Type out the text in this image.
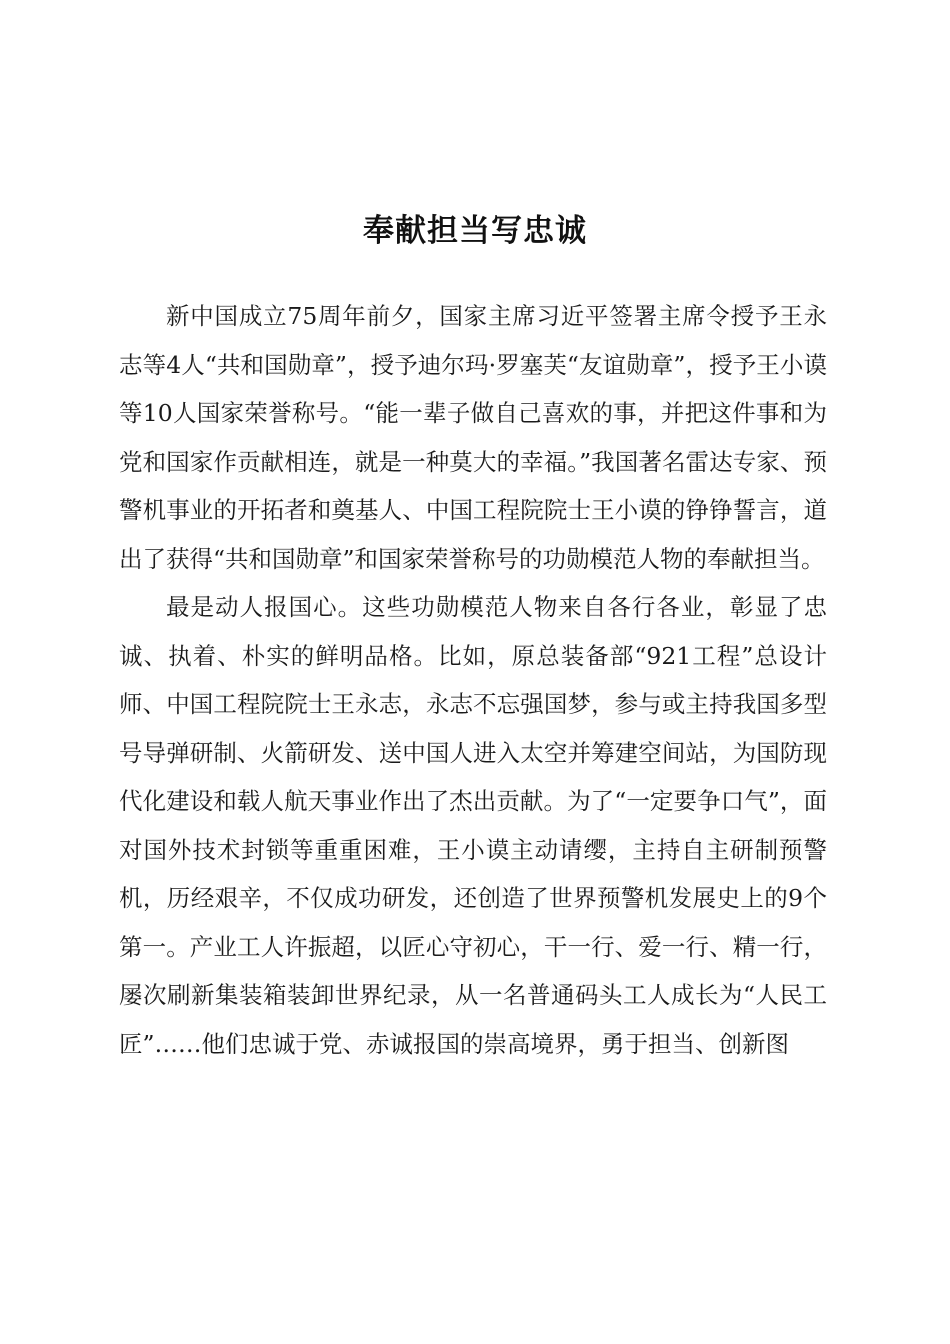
奉献担当写忠诚

新中国成立75周年前夕，国家主席习近平签署主席令授予王永志等4人“共和国勋章”，授予迪尔玛·罗塞芙“友谊勋章”，授予王小谟等10人国家荣誉称号。“能一辈子做自己喜欢的事，并把这件事和为党和国家作贡献相连，就是一种莫大的幸福。”我国著名雷达专家、预警机事业的开拓者和奠基人、中国工程院院士王小谟的铮铮誓言，道出了获得“共和国勋章”和国家荣誉称号的功勋模范人物的奉献担当。

最是动人报国心。这些功勋模范人物来自各行各业，彰显了忠诚、执着、朴实的鲜明品格。比如，原总装备部“921工程”总设计师、中国工程院院士王永志，永志不忘强国梦，参与或主持我国多型号导弹研制、火箭研发、送中国人进入太空并筹建空间站，为国防现代化建设和载人航天事业作出了杰出贡献。为了“一定要争口气”，面对国外技术封锁等重重困难，王小谟主动请缨，主持自主研制预警机，历经艰辛，不仅成功研发，还创造了世界预警机发展史上的9个第一。产业工人许振超，以匠心守初心，干一行、爱一行、精一行，屡次刷新集装箱装卸世界纪录，从一名普通码头工人成长为“人民工匠”……他们忠诚于党、赤诚报国的崇高境界，勇于担当、创新图
